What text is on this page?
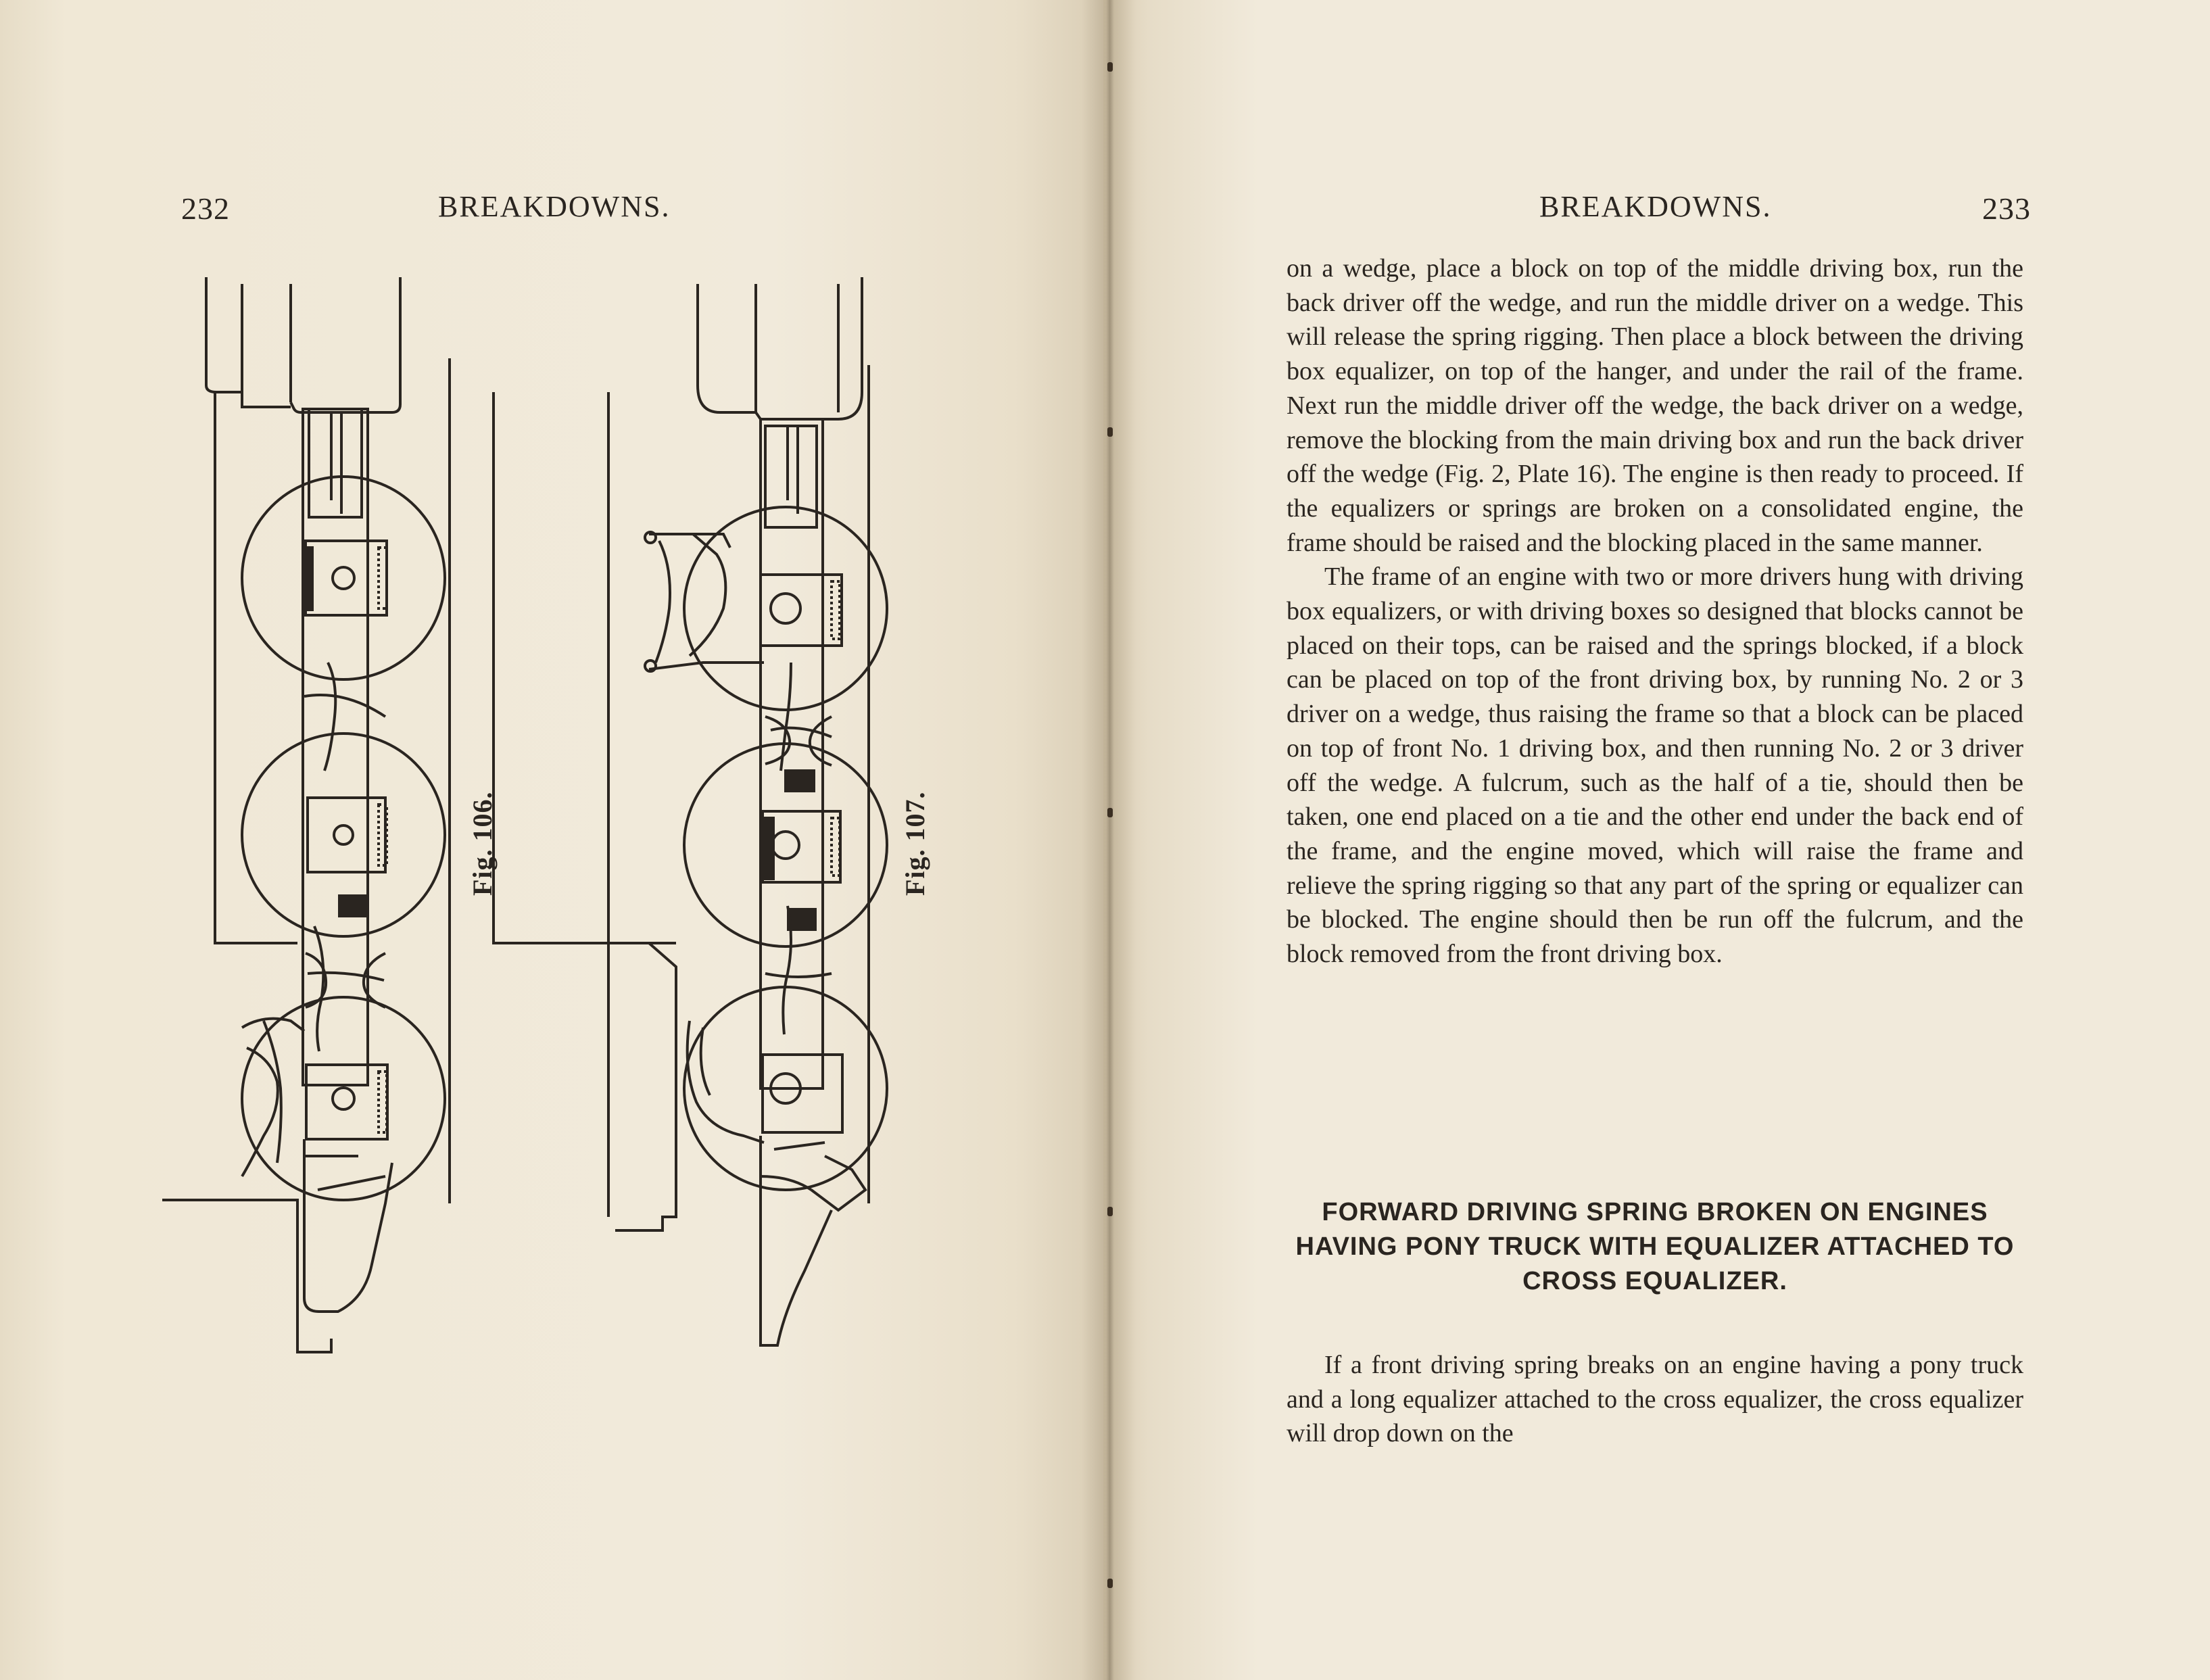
232	BREAKDOWNS.
Fig. 106.	Fig. 107.
BREAKDOWNS.	233

on a wedge, place a block on top of the middle driving box, run the back driver off the wedge, and run the middle driver on a wedge. This will release the spring rigging. Then place a block between the driving box equalizer, on top of the hanger, and under the rail of the frame. Next run the middle driver off the wedge, the back driver on a wedge, remove the blocking from the main driving box and run the back driver off the wedge (Fig. 2, Plate 16). The engine is then ready to proceed. If the equalizers or springs are broken on a consolidated engine, the frame should be raised and the blocking placed in the same manner.

The frame of an engine with two or more drivers hung with driving box equalizers, or with driving boxes so designed that blocks cannot be placed on their tops, can be raised and the springs blocked, if a block can be placed on top of the front driving box, by running No. 2 or 3 driver on a wedge, thus raising the frame so that a block can be placed on top of front No. 1 driving box, and then running No. 2 or 3 driver off the wedge. A fulcrum, such as the half of a tie, should then be taken, one end placed on a tie and the other end under the back end of the frame, and the engine moved, which will raise the frame and relieve the spring rigging so that any part of the spring or equalizer can be blocked. The engine should then be run off the fulcrum, and the block removed from the front driving box.

FORWARD DRIVING SPRING BROKEN ON ENGINES HAVING PONY TRUCK WITH EQUALIZER ATTACHED TO CROSS EQUALIZER.

If a front driving spring breaks on an engine having a pony truck and a long equalizer attached to the cross equalizer, the cross equalizer will drop down on the
